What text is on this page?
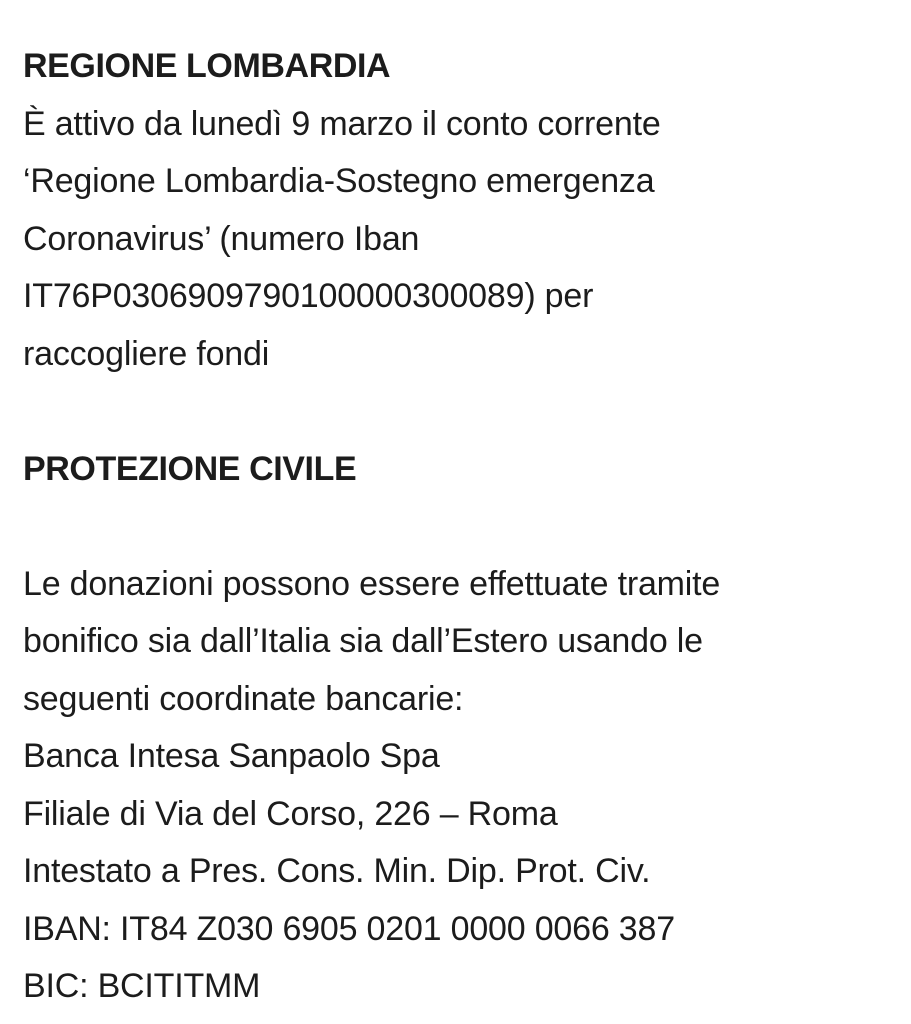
REGIONE LOMBARDIA
È attivo da lunedì 9 marzo il conto corrente
‘Regione Lombardia-Sostegno emergenza
Coronavirus’ (numero Iban
IT76P0306909790100000300089) per
raccogliere fondi
PROTEZIONE CIVILE
Le donazioni possono essere effettuate tramite
bonifico sia dall’Italia sia dall’Estero usando le
seguenti coordinate bancarie:
Banca Intesa Sanpaolo Spa
Filiale di Via del Corso, 226 – Roma
Intestato a Pres. Cons. Min. Dip. Prot. Civ.
IBAN: IT84 Z030 6905 0201 0000 0066 387
BIC: BCITITMM
